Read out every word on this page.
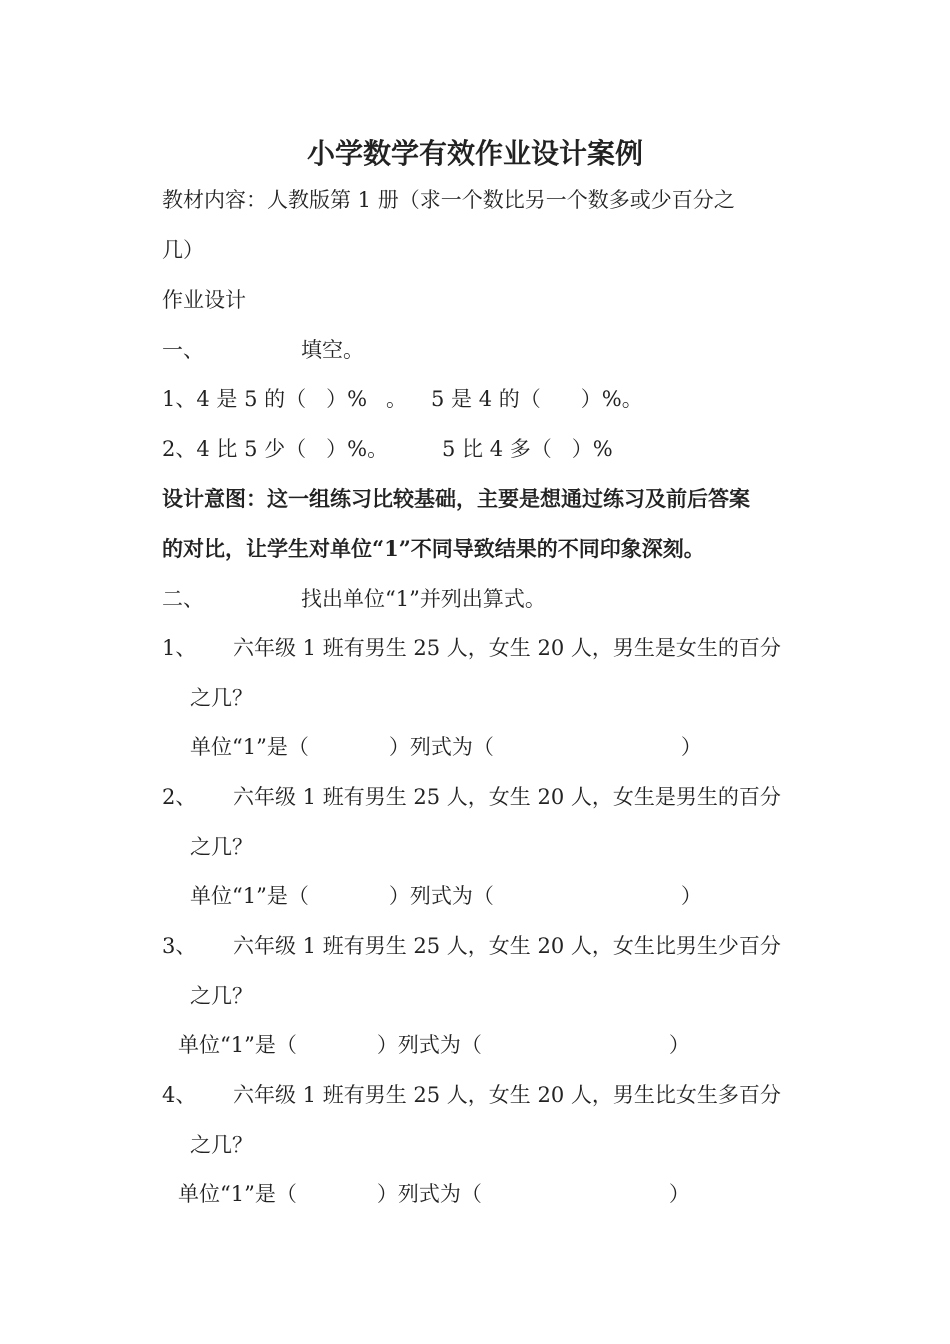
小学数学有效作业设计案例
教材内容：人教版第 1 册（求一个数比另一个数多或少百分之
几）
作业设计
一、	填空。
1、4 是 5 的（   ）% 。 5 是 4 的（      ）%。
2、4 比 5 少（   ）%。	5 比 4 多（   ）%
设计意图：这一组练习比较基础，主要是想通过练习及前后答案
的对比，让学生对单位“1”不同导致结果的不同印象深刻。
二、	找出单位“1”并列出算式。
1、 六年级 1 班有男生 25 人，女生 20 人，男生是女生的百分
之几？
单位“1”是（            ）列式为（                            ）
2、 六年级 1 班有男生 25 人，女生 20 人，女生是男生的百分
之几？
单位“1”是（            ）列式为（                            ）
3、 六年级 1 班有男生 25 人，女生 20 人，女生比男生少百分
之几？
单位“1”是（            ）列式为（                            ）
4、 六年级 1 班有男生 25 人，女生 20 人，男生比女生多百分
之几？
单位“1”是（            ）列式为（                            ）
